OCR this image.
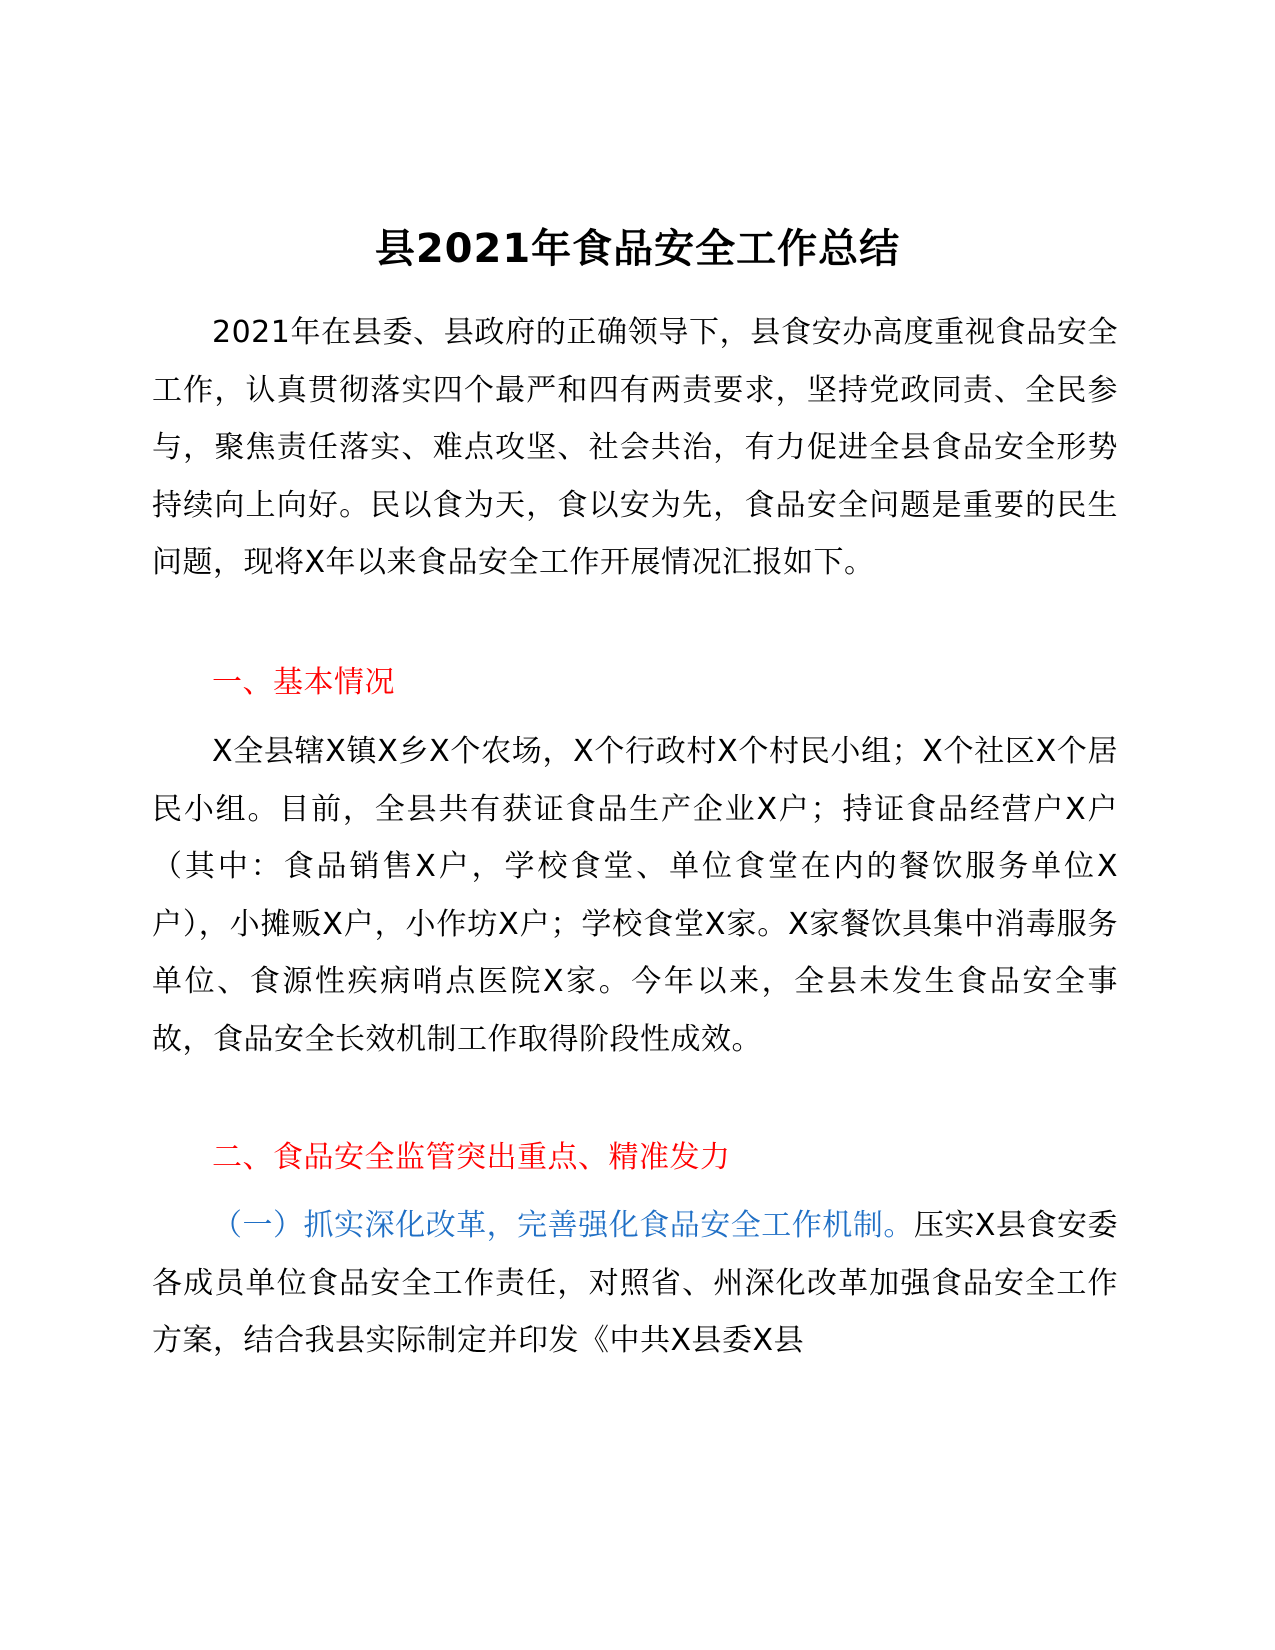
县2021年食品安全工作总结

2021年在县委、县政府的正确领导下，县食安办高度重视食品安全工作，认真贯彻落实四个最严和四有两责要求，坚持党政同责、全民参与，聚焦责任落实、难点攻坚、社会共治，有力促进全县食品安全形势持续向上向好。民以食为天，食以安为先，食品安全问题是重要的民生问题，现将X年以来食品安全工作开展情况汇报如下。

一、基本情况

X全县辖X镇X乡X个农场，X个行政村X个村民小组；X个社区X个居民小组。目前，全县共有获证食品生产企业X户；持证食品经营户X户（其中：食品销售X户，学校食堂、单位食堂在内的餐饮服务单位X户），小摊贩X户，小作坊X户；学校食堂X家。X家餐饮具集中消毒服务单位、食源性疾病哨点医院X家。今年以来，全县未发生食品安全事故，食品安全长效机制工作取得阶段性成效。

二、食品安全监管突出重点、精准发力

（一）抓实深化改革，完善强化食品安全工作机制。压实X县食安委各成员单位食品安全工作责任，对照省、州深化改革加强食品安全工作方案，结合我县实际制定并印发《中共X县委X县
